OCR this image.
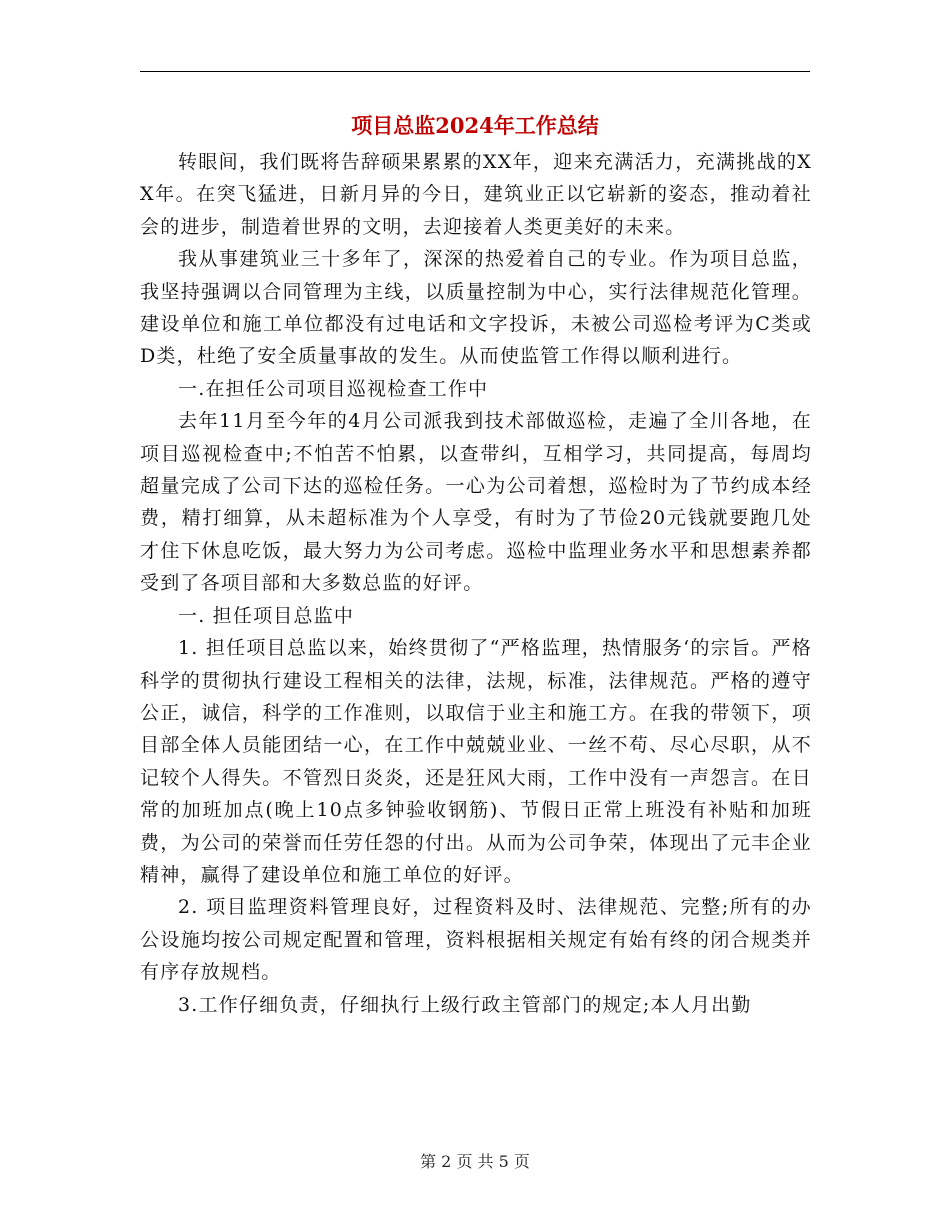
项目总监2024年工作总结

转眼间，我们既将告辞硕果累累的XX年，迎来充满活力，充满挑战的XX年。在突飞猛进，日新月异的今日，建筑业正以它崭新的姿态，推动着社会的进步，制造着世界的文明，去迎接着人类更美好的未来。

我从事建筑业三十多年了，深深的热爱着自己的专业。作为项目总监，我坚持强调以合同管理为主线，以质量控制为中心，实行法律规范化管理。建设单位和施工单位都没有过电话和文字投诉，未被公司巡检考评为C类或D类，杜绝了安全质量事故的发生。从而使监管工作得以顺利进行。

一.在担任公司项目巡视检查工作中

去年11月至今年的4月公司派我到技术部做巡检，走遍了全川各地，在项目巡视检查中;不怕苦不怕累，以查带纠，互相学习，共同提高，每周均超量完成了公司下达的巡检任务。一心为公司着想，巡检时为了节约成本经费，精打细算，从未超标准为个人享受，有时为了节俭20元钱就要跑几处才住下休息吃饭，最大努力为公司考虑。巡检中监理业务水平和思想素养都受到了各项目部和大多数总监的好评。

一. 担任项目总监中

1. 担任项目总监以来，始终贯彻了“严格监理，热情服务‘的宗旨。严格科学的贯彻执行建设工程相关的法律，法规，标准，法律规范。严格的遵守公正，诚信，科学的工作准则，以取信于业主和施工方。在我的带领下，项目部全体人员能团结一心，在工作中兢兢业业、一丝不苟、尽心尽职，从不记较个人得失。不管烈日炎炎，还是狂风大雨，工作中没有一声怨言。在日常的加班加点(晚上10点多钟验收钢筋)、节假日正常上班没有补贴和加班费，为公司的荣誉而任劳任怨的付出。从而为公司争荣，体现出了元丰企业精神，赢得了建设单位和施工单位的好评。

2. 项目监理资料管理良好，过程资料及时、法律规范、完整;所有的办公设施均按公司规定配置和管理，资料根据相关规定有始有终的闭合规类并有序存放规档。

3.工作仔细负责，仔细执行上级行政主管部门的规定;本人月出勤

第 2 页 共 5 页
